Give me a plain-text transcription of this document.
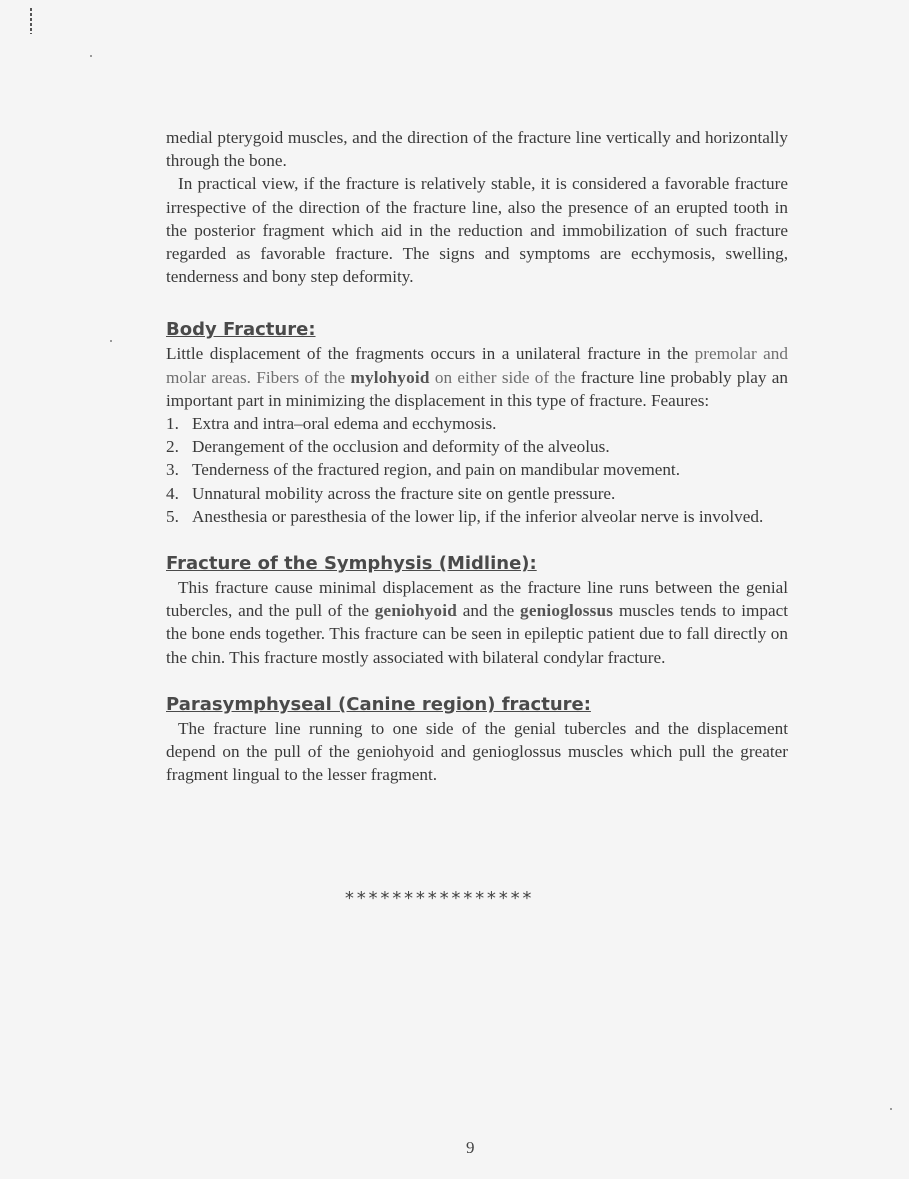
medial pterygoid muscles, and the direction of the fracture line vertically and horizontally through the bone.

In practical view, if the fracture is relatively stable, it is considered a favorable fracture irrespective of the direction of the fracture line, also the presence of an erupted tooth in the posterior fragment which aid in the reduction and immobilization of such fracture regarded as favorable fracture. The signs and symptoms are ecchymosis, swelling, tenderness and bony step deformity.

Body Fracture:

Little displacement of the fragments occurs in a unilateral fracture in the premolar and molar areas. Fibers of the mylohyoid on either side of the fracture line probably play an important part in minimizing the displacement in this type of fracture. Feaures:

1. Extra and intra–oral edema and ecchymosis.
2. Derangement of the occlusion and deformity of the alveolus.
3. Tenderness of the fractured region, and pain on mandibular movement.
4. Unnatural mobility across the fracture site on gentle pressure.
5. Anesthesia or paresthesia of the lower lip, if the inferior alveolar nerve is involved.
Fracture of the Symphysis (Midline):

This fracture cause minimal displacement as the fracture line runs between the genial tubercles, and the pull of the geniohyoid and the genioglossus muscles tends to impact the bone ends together. This fracture can be seen in epileptic patient due to fall directly on the chin. This fracture mostly associated with bilateral condylar fracture.

Parasymphyseal (Canine region) fracture:

The fracture line running to one side of the genial tubercles and the displacement depend on the pull of the geniohyoid and genioglossus muscles which pull the greater fragment lingual to the lesser fragment.

****************
9
